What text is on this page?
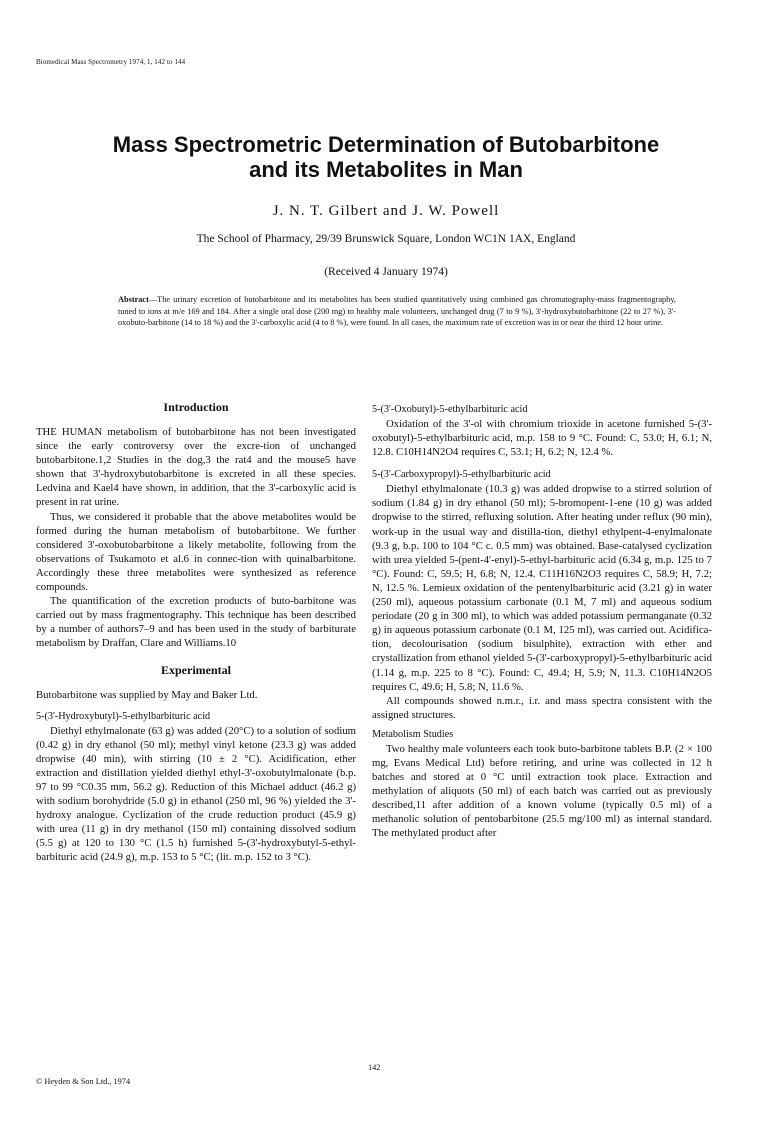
Biomedical Mass Spectrometry 1974, 1, 142 to 144
Mass Spectrometric Determination of Butobarbitone
and its Metabolites in Man
J. N. T. Gilbert and J. W. Powell
The School of Pharmacy, 29/39 Brunswick Square, London WC1N 1AX, England
(Received 4 January 1974)
Abstract—The urinary excretion of butobarbitone and its metabolites has been studied quantitatively using combined gas chromatography-mass fragmentography, tuned to ions at m/e 169 and 184. After a single oral dose (200 mg) to healthy male volunteers, unchanged drug (7 to 9 %), 3'-hydroxybutobarbitone (22 to 27 %), 3'-oxobuto-barbitone (14 to 18 %) and the 3'-carboxylic acid (4 to 8 %), were found. In all cases, the maximum rate of excretion was in or near the third 12 hour urine.
Introduction

THE HUMAN metabolism of butobarbitone has not been investigated since the early controversy over the excre-tion of unchanged butobarbitone.1,2 Studies in the dog,3 the rat4 and the mouse5 have shown that 3'-hydroxybutobarbitone is excreted in all these species. Ledvina and Kael4 have shown, in addition, that the 3'-carboxylic acid is present in rat urine.

Thus, we considered it probable that the above metabolites would be formed during the human metabolism of butobarbitone. We further considered 3'-oxobutobarbitone a likely metabolite, following from the observations of Tsukamoto et al.6 in connec-tion with quinalbarbitone. Accordingly these three metabolites were synthesized as reference compounds.

The quantification of the excretion products of buto-barbitone was carried out by mass fragmentography. This technique has been described by a number of authors7–9 and has been used in the study of barbiturate metabolism by Draffan, Clare and Williams.10

Experimental

Butobarbitone was supplied by May and Baker Ltd.

5-(3'-Hydroxybutyl)-5-ethylbarbituric acid

Diethyl ethylmalonate (63 g) was added (20°C) to a solution of sodium (0.42 g) in dry ethanol (50 ml); methyl vinyl ketone (23.3 g) was added dropwise (40 min), with stirring (10 ± 2 °C). Acidification, ether extraction and distillation yielded diethyl ethyl-3'-oxobutylmalonate (b.p. 97 to 99 °C0.35 mm, 56.2 g). Reduction of this Michael adduct (46.2 g) with sodium borohydride (5.0 g) in ethanol (250 ml, 96 %) yielded the 3'-hydroxy analogue. Cyclization of the crude reduction product (45.9 g) with urea (11 g) in dry methanol (150 ml) containing dissolved sodium (5.5 g) at 120 to 130 °C (1.5 h) furnished 5-(3'-hydroxybutyl-5-ethyl-barbituric acid (24.9 g), m.p. 153 to 5 °C; (lit. m.p. 152 to 3 °C).

5-(3'-Oxobutyl)-5-ethylbarbituric acid

Oxidation of the 3'-ol with chromium trioxide in acetone furnished 5-(3'-oxobutyl)-5-ethylbarbituric acid, m.p. 158 to 9 °C. Found: C, 53.0; H, 6.1; N, 12.8. C10H14N2O4 requires C, 53.1; H, 6.2; N, 12.4 %.

5-(3'-Carboxypropyl)-5-ethylbarbituric acid

Diethyl ethylmalonate (10.3 g) was added dropwise to a stirred solution of sodium (1.84 g) in dry ethanol (50 ml); 5-bromopent-1-ene (10 g) was added dropwise to the stirred, refluxing solution. After heating under reflux (90 min), work-up in the usual way and distilla-tion, diethyl ethylpent-4-enylmalonate (9.3 g, b.p. 100 to 104 °C c. 0.5 mm) was obtained. Base-catalysed cyclization with urea yielded 5-(pent-4'-enyl)-5-ethyl-barbituric acid (6.34 g, m.p. 125 to 7 °C). Found: C, 59.5; H, 6.8; N, 12.4. C11H16N2O3 requires C, 58.9; H, 7.2; N, 12.5 %. Lemieux oxidation of the pentenylbarbituric acid (3.21 g) in water (250 ml), aqueous potassium carbonate (0.1 M, 7 ml) and aqueous sodium periodate (20 g in 300 ml), to which was added potassium permanganate (0.32 g) in aqueous potassium carbonate (0.1 M, 125 ml), was carried out. Acidifica-tion, decolourisation (sodium bisulphite), extraction with ether and crystallization from ethanol yielded 5-(3'-carboxypropyl)-5-ethylbarbituric acid (1.14 g, m.p. 225 to 8 °C). Found: C, 49.4; H, 5.9; N, 11.3. C10H14N2O5 requires C, 49.6; H, 5.8; N, 11.6 %.

All compounds showed n.m.r., i.r. and mass spectra consistent with the assigned structures.

Metabolism Studies

Two healthy male volunteers each took buto-barbitone tablets B.P. (2 × 100 mg, Evans Medical Ltd) before retiring, and urine was collected in 12 h batches and stored at 0 °C until extraction took place. Extraction and methylation of aliquots (50 ml) of each batch was carried out as previously described,11 after addition of a known volume (typically 0.5 ml) of a methanolic solution of pentobarbitone (25.5 mg/100 ml) as internal standard. The methylated product after

142
© Heyden & Son Ltd., 1974
